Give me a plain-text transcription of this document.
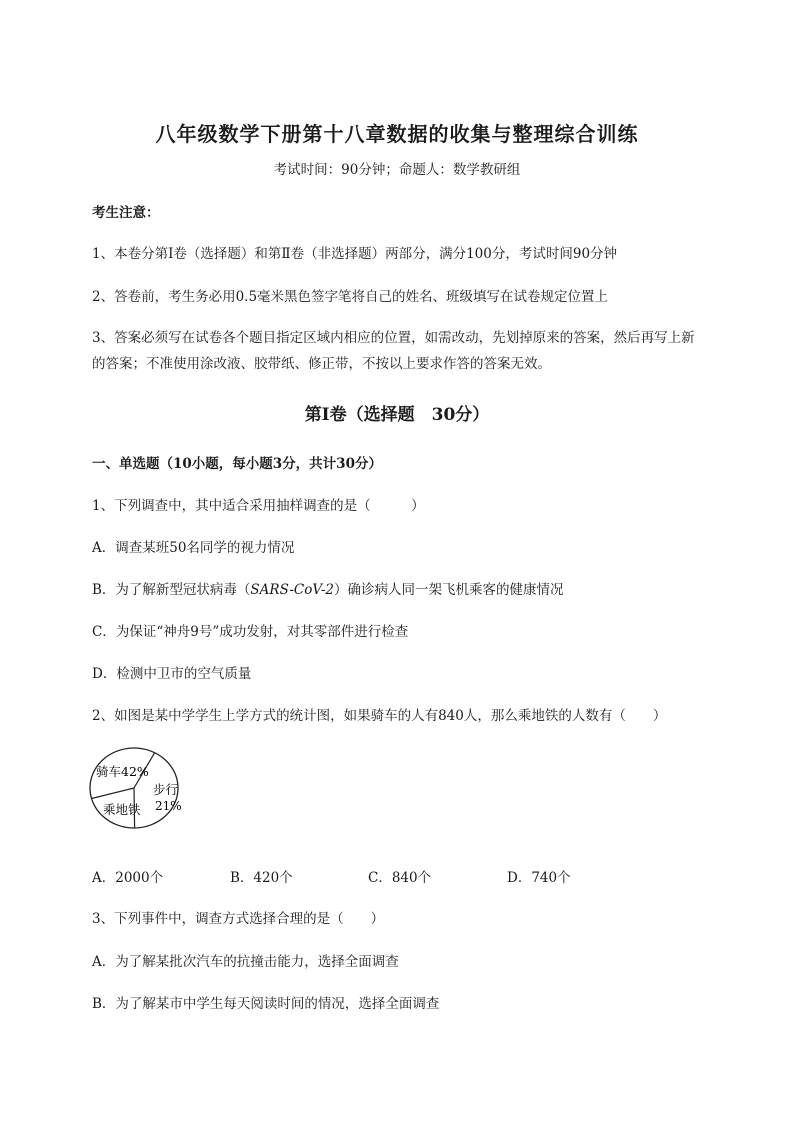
八年级数学下册第十八章数据的收集与整理综合训练
考试时间：90分钟；命题人：数学教研组
考生注意：
1、本卷分第I卷（选择题）和第Ⅱ卷（非选择题）两部分，满分100分，考试时间90分钟
2、答卷前，考生务必用0.5毫米黑色签字笔将自己的姓名、班级填写在试卷规定位置上
3、答案必须写在试卷各个题目指定区域内相应的位置，如需改动，先划掉原来的答案，然后再写上新
的答案；不准使用涂改液、胶带纸、修正带，不按以上要求作答的答案无效。
第I卷（选择题　30分）
一、单选题（10小题，每小题3分，共计30分）
1、下列调查中，其中适合采用抽样调查的是（　　　）
A．调查某班50名同学的视力情况
B．为了解新型冠状病毒（SARS-CoV-2）确诊病人同一架飞机乘客的健康情况
C．为保证“神舟9号”成功发射，对其零部件进行检查
D．检测中卫市的空气质量
2、如图是某中学学生上学方式的统计图，如果骑车的人有840人，那么乘地铁的人数有（　　）
骑车42%
步行
21%
乘地铁
A．2000个	B．420个	C．840个	D．740个
3、下列事件中，调查方式选择合理的是（　　）
A．为了解某批次汽车的抗撞击能力，选择全面调查
B．为了解某市中学生每天阅读时间的情况，选择全面调查
